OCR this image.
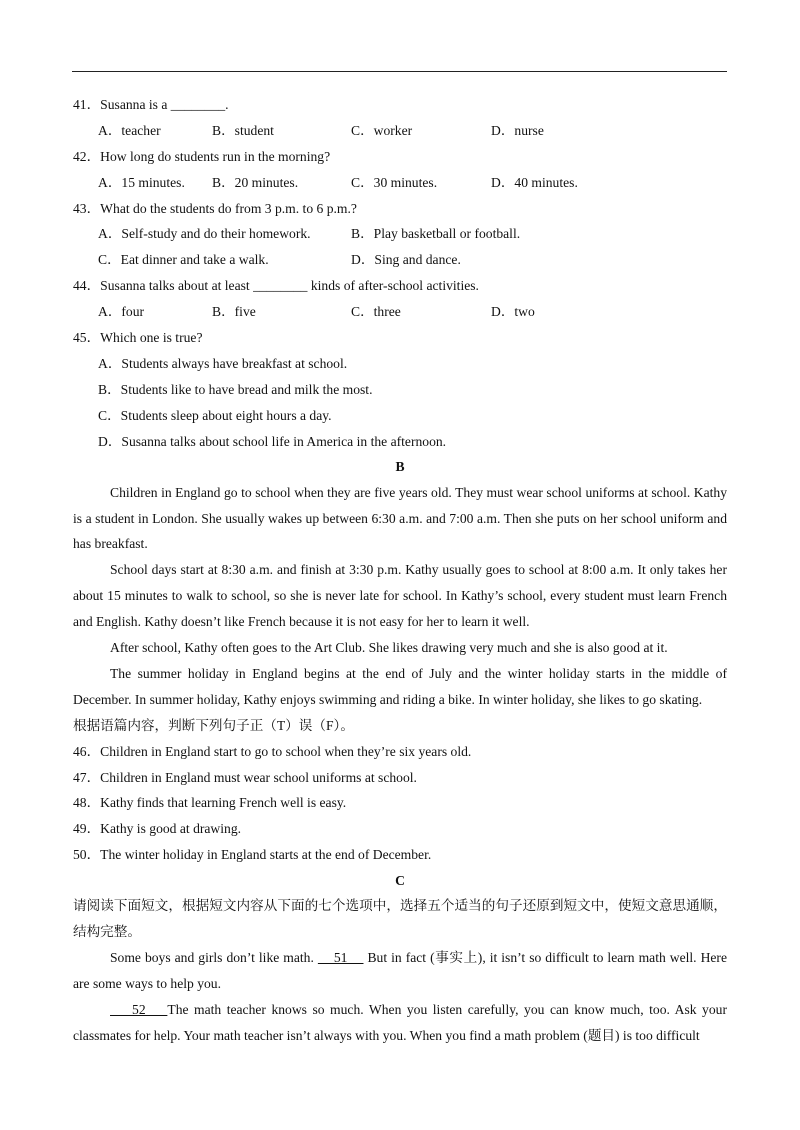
41．Susanna is a ________.
A．teacher	B．student	C．worker	D．nurse
42．How long do students run in the morning?
A．15 minutes. B．20 minutes.	C．30 minutes.	D．40 minutes.
43．What do the students do from 3 p.m. to 6 p.m.?
A．Self-study and do their homework.	B．Play basketball or football.
C．Eat dinner and take a walk.	D．Sing and dance.
44．Susanna talks about at least ________ kinds of after-school activities.
A．four	B．five	C．three	D．two
45．Which one is true?
A．Students always have breakfast at school.
B．Students like to have bread and milk the most.
C．Students sleep about eight hours a day.
D．Susanna talks about school life in America in the afternoon.
B

Children in England go to school when they are five years old. They must wear school uniforms at school. Kathy is a student in London. She usually wakes up between 6:30 a.m. and 7:00 a.m. Then she puts on her school uniform and has breakfast.

School days start at 8:30 a.m. and finish at 3:30 p.m. Kathy usually goes to school at 8:00 a.m. It only takes her about 15 minutes to walk to school, so she is never late for school. In Kathy’s school, every student must learn French and English. Kathy doesn’t like French because it is not easy for her to learn it well.

After school, Kathy often goes to the Art Club. She likes drawing very much and she is also good at it.

The summer holiday in England begins at the end of July and the winter holiday starts in the middle of December. In summer holiday, Kathy enjoys swimming and riding a bike. In winter holiday, she likes to go skating.

根据语篇内容，判断下列句子正（T）误（F）。
46．Children in England start to go to school when they’re six years old.
47．Children in England must wear school uniforms at school.
48．Kathy finds that learning French well is easy.
49．Kathy is good at drawing.
50．The winter holiday in England starts at the end of December.
C

请阅读下面短文，根据短文内容从下面的七个选项中，选择五个适当的句子还原到短文中，使短文意思通顺，结构完整。

Some boys and girls don’t like math.     51     But in fact (事实上), it isn’t so difficult to learn math well. Here are some ways to help you.

52    The math teacher knows so much. When you listen carefully, you can know much, too. Ask your classmates for help. Your math teacher isn’t always with you. When you find a math problem (题目) is too difficult
